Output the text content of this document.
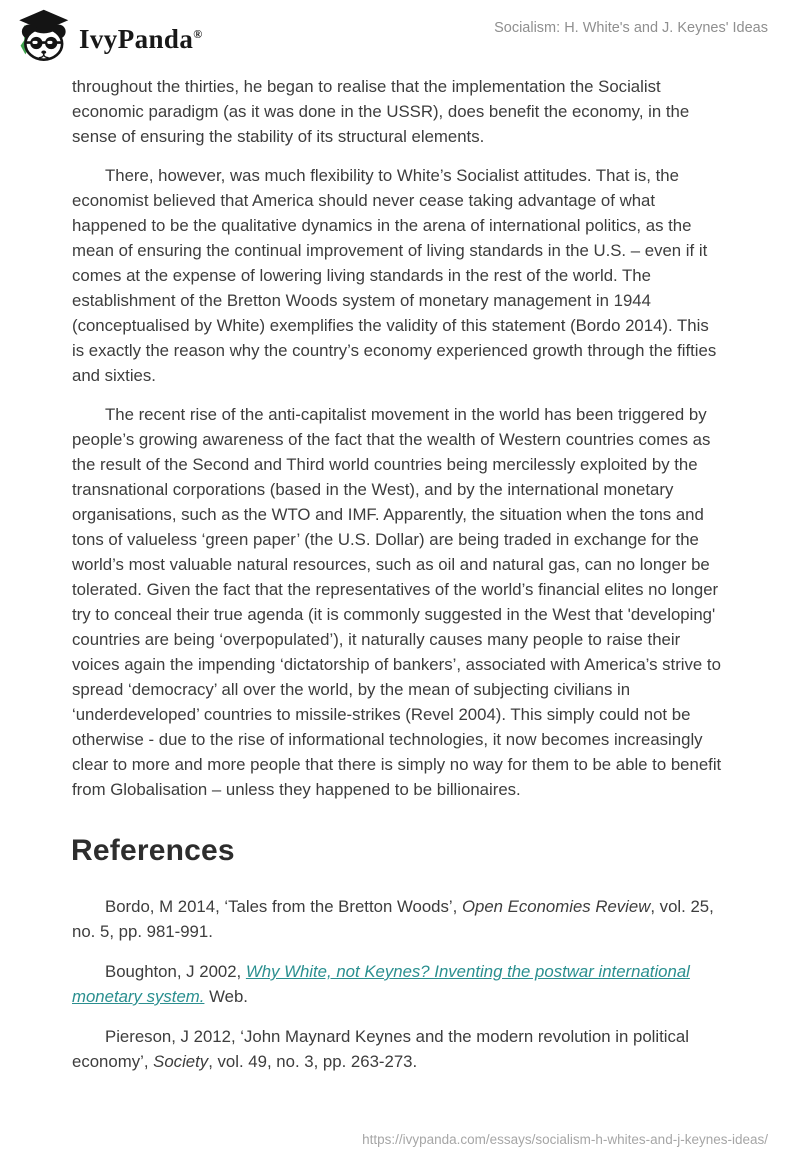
IvyPanda®	Socialism: H. White's and J. Keynes' Ideas

throughout the thirties, he began to realise that the implementation the Socialist economic paradigm (as it was done in the USSR), does benefit the economy, in the sense of ensuring the stability of its structural elements.

There, however, was much flexibility to White’s Socialist attitudes. That is, the economist believed that America should never cease taking advantage of what happened to be the qualitative dynamics in the arena of international politics, as the mean of ensuring the continual improvement of living standards in the U.S. – even if it comes at the expense of lowering living standards in the rest of the world. The establishment of the Bretton Woods system of monetary management in 1944 (conceptualised by White) exemplifies the validity of this statement (Bordo 2014). This is exactly the reason why the country’s economy experienced growth through the fifties and sixties.

The recent rise of the anti-capitalist movement in the world has been triggered by people’s growing awareness of the fact that the wealth of Western countries comes as the result of the Second and Third world countries being mercilessly exploited by the transnational corporations (based in the West), and by the international monetary organisations, such as the WTO and IMF. Apparently, the situation when the tons and tons of valueless ‘green paper’ (the U.S. Dollar) are being traded in exchange for the world’s most valuable natural resources, such as oil and natural gas, can no longer be tolerated. Given the fact that the representatives of the world’s financial elites no longer try to conceal their true agenda (it is commonly suggested in the West that 'developing' countries are being ‘overpopulated’), it naturally causes many people to raise their voices again the impending ‘dictatorship of bankers’, associated with America’s strive to spread ‘democracy’ all over the world, by the mean of subjecting civilians in ‘underdeveloped’ countries to missile-strikes (Revel 2004). This simply could not be otherwise - due to the rise of informational technologies, it now becomes increasingly clear to more and more people that there is simply no way for them to be able to benefit from Globalisation – unless they happened to be billionaires.

References

Bordo, M 2014, ‘Tales from the Bretton Woods’, Open Economies Review, vol. 25, no. 5, pp. 981-991.

Boughton, J 2002, Why White, not Keynes? Inventing the postwar international monetary system. Web.

Piereson, J 2012, ‘John Maynard Keynes and the modern revolution in political economy’, Society, vol. 49, no. 3, pp. 263-273.

https://ivypanda.com/essays/socialism-h-whites-and-j-keynes-ideas/
